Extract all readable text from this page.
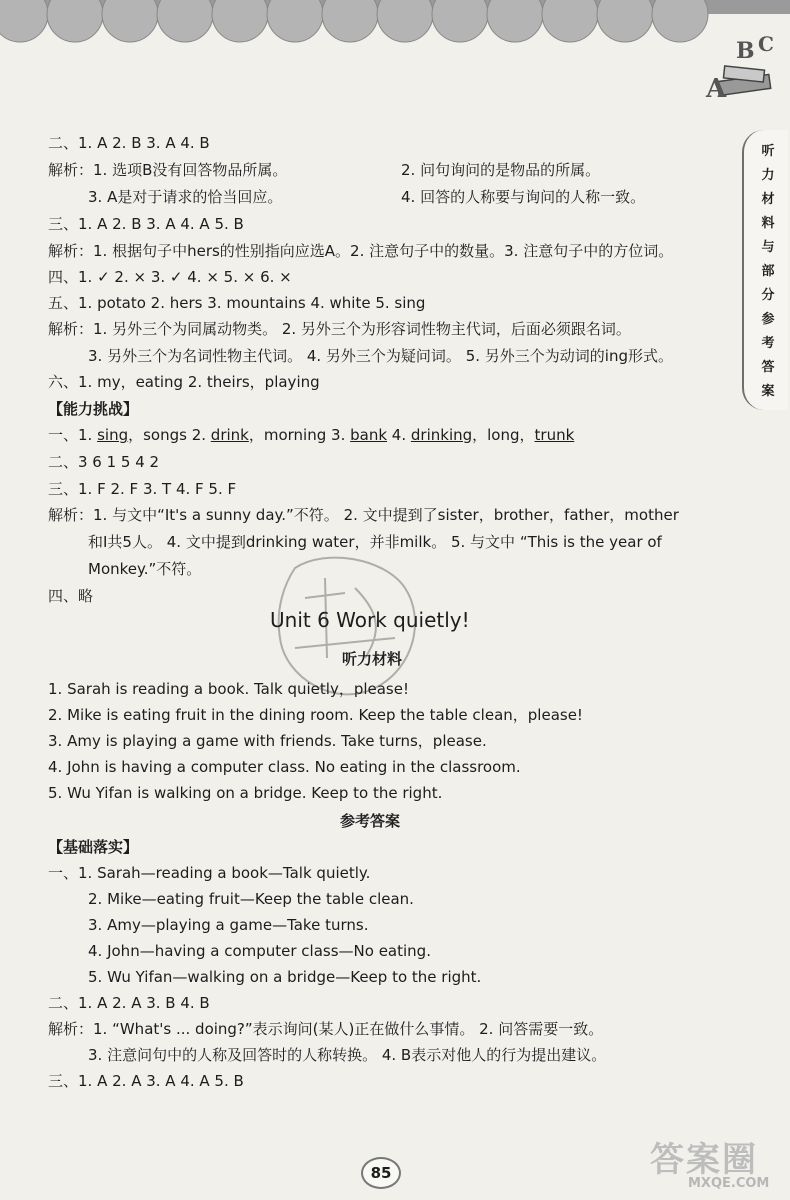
B C
A
听
力
材
料
与
部
分
参
考
答
案
二、1. A 2. B 3. A 4. B
解析：1. 选项B没有回答物品所属。	2. 问句询问的是物品的所属。
3. A是对于请求的恰当回应。	4. 回答的人称要与询问的人称一致。
三、1. A 2. B 3. A 4. A 5. B
解析：1. 根据句子中hers的性别指向应选A。2. 注意句子中的数量。3. 注意句子中的方位词。
四、1. ✓ 2. × 3. ✓ 4. × 5. × 6. ×
五、1. potato 2. hers 3. mountains 4. white 5. sing
解析：1. 另外三个为同属动物类。 2. 另外三个为形容词性物主代词，后面必须跟名词。
3. 另外三个为名词性物主代词。 4. 另外三个为疑问词。 5. 另外三个为动词的ing形式。
六、1. my，eating 2. theirs，playing
【能力挑战】
一、1. sing，songs 2. drink，morning 3. bank 4. drinking，long，trunk
二、3 6 1 5 4 2
三、1. F 2. F 3. T 4. F 5. F
解析：1. 与文中“It's a sunny day.”不符。 2. 文中提到了sister，brother，father，mother
和I共5人。 4. 文中提到drinking water，并非milk。 5. 与文中 “This is the year of
Monkey.”不符。
四、略
Unit 6 Work quietly!
听力材料
1. Sarah is reading a book. Talk quietly，please!
2. Mike is eating fruit in the dining room. Keep the table clean，please!
3. Amy is playing a game with friends. Take turns，please.
4. John is having a computer class. No eating in the classroom.
5. Wu Yifan is walking on a bridge. Keep to the right.
参考答案
【基础落实】
一、1. Sarah—reading a book—Talk quietly.
2. Mike—eating fruit—Keep the table clean.
3. Amy—playing a game—Take turns.
4. John—having a computer class—No eating.
5. Wu Yifan—walking on a bridge—Keep to the right.
二、1. A 2. A 3. B 4. B
解析：1. “What's ... doing?”表示询问(某人)正在做什么事情。 2. 问答需要一致。
3. 注意问句中的人称及回答时的人称转换。 4. B表示对他人的行为提出建议。
三、1. A 2. A 3. A 4. A 5. B
85	答案圈
MXQE.COM
